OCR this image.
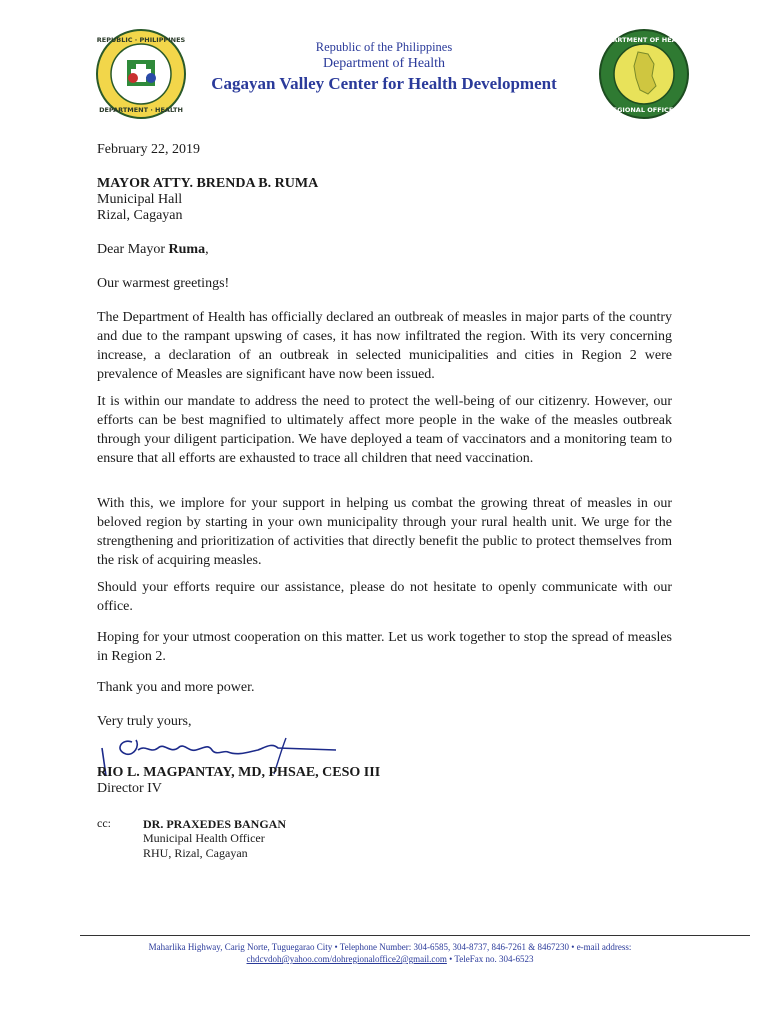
REPUBLIC · PHILIPPINES
DEPARTMENT · HEALTH
Republic of the Philippines
Department of Health
Cagayan Valley Center for Health Development
DEPARTMENT OF HEALTH
REGIONAL OFFICE II
February 22, 2019
MAYOR ATTY. BRENDA B. RUMA
Municipal Hall
Rizal, Cagayan
Dear Mayor Ruma,
Our warmest greetings!
The Department of Health has officially declared an outbreak of measles in major parts of the country and due to the rampant upswing of cases, it has now infiltrated the region. With its very concerning increase, a declaration of an outbreak in selected municipalities and cities in Region 2 were prevalence of Measles are significant have now been issued.
It is within our mandate to address the need to protect the well-being of our citizenry. However, our efforts can be best magnified to ultimately affect more people in the wake of the measles outbreak through your diligent participation. We have deployed a team of vaccinators and a monitoring team to ensure that all efforts are exhausted to trace all children that need vaccination.
With this, we implore for your support in helping us combat the growing threat of measles in our beloved region by starting in your own municipality through your rural health unit. We urge for the strengthening and prioritization of activities that directly benefit the public to protect themselves from the risk of acquiring measles.
Should your efforts require our assistance, please do not hesitate to openly communicate with our office.
Hoping for your utmost cooperation on this matter. Let us work together to stop the spread of measles in Region 2.
Thank you and more power.
Very truly yours,
RIO L. MAGPANTAY, MD, PHSAE, CESO III
Director IV
cc:	DR. PRAXEDES BANGAN
Municipal Health Officer
RHU, Rizal, Cagayan
Maharlika Highway, Carig Norte, Tuguegarao City • Telephone Number: 304-6585, 304-8737, 846-7261 & 8467230 • e-mail address:
chdcvdoh@yahoo.com/dohregionaloffice2@gmail.com • TeleFax no. 304-6523
